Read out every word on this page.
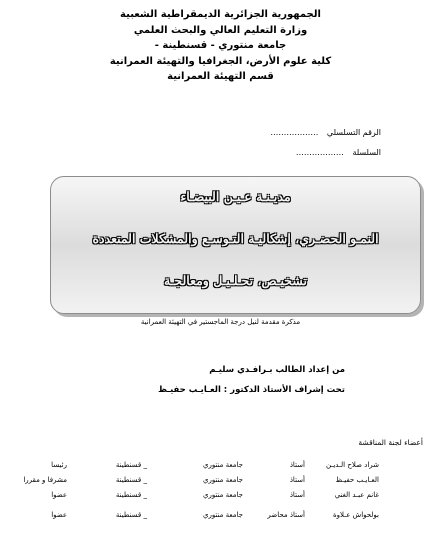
الجمهورية الجزائرية الديمقراطية الشعبية
وزارة التعليم العالي والبحث العلمي
جامعة منتوري - قسنطينة -
كلية علوم الأرض، الجغرافيا والتهيئة العمرانية
قسم التهيئة العمرانية
الرقم التسلسلي ………………
السلسلة ………………
مديـنـة عـيـن البيضـاء
النمـو الحضـري، إشكاليـة التـوسـع والمشكلات المتعددة
تشخيـص، تحـلـيـل ومعالجـة
مذكرة مقدمة لنيل درجة الماجستير في التهيئة العمرانية
من إعداد الطالب بـرافـدي سليـم
تحت إشراف الأستاذ الدكتور : العـايـب حفيـظ
أعضاء لجنة المناقشة
شراد صلاح الـديـن
أستاذ
جامعة منتوري
_ قسنطينة
رئيسا
العـايـب حفيـظ
أستاذ
جامعة منتوري
_ قسنطينة
مشرفا و مقررا
غانم عبـد الغني
أستاذ
جامعة منتوري
_ قسنطينة
عضوا
بولحواش عـلاوة
أستاذ محاضر
جامعة منتوري
_ قسنطينة
عضوا
